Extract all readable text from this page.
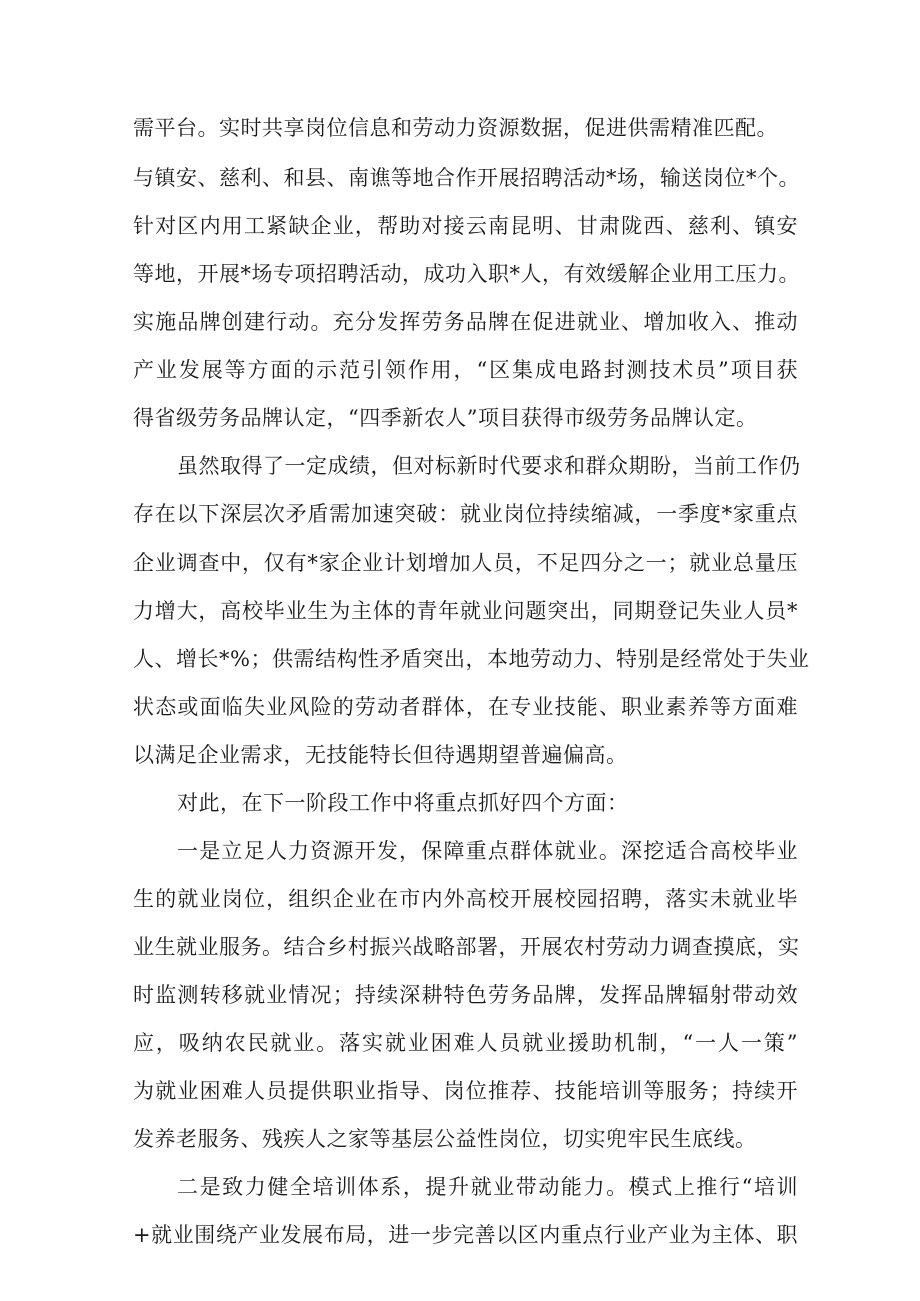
需平台。实时共享岗位信息和劳动力资源数据，促进供需精准匹配。
与镇安、慈利、和县、南谯等地合作开展招聘活动*场，输送岗位*个。
针对区内用工紧缺企业，帮助对接云南昆明、甘肃陇西、慈利、镇安
等地，开展*场专项招聘活动，成功入职*人，有效缓解企业用工压力。
实施品牌创建行动。充分发挥劳务品牌在促进就业、增加收入、推动
产业发展等方面的示范引领作用，“区集成电路封测技术员”项目获
得省级劳务品牌认定，“四季新农人”项目获得市级劳务品牌认定。
虽然取得了一定成绩，但对标新时代要求和群众期盼，当前工作仍
存在以下深层次矛盾需加速突破：就业岗位持续缩减，一季度*家重点
企业调查中，仅有*家企业计划增加人员，不足四分之一；就业总量压
力增大，高校毕业生为主体的青年就业问题突出，同期登记失业人员*
人、增长*%；供需结构性矛盾突出，本地劳动力、特别是经常处于失业
状态或面临失业风险的劳动者群体，在专业技能、职业素养等方面难
以满足企业需求，无技能特长但待遇期望普遍偏高。
对此，在下一阶段工作中将重点抓好四个方面：
一是立足人力资源开发，保障重点群体就业。深挖适合高校毕业
生的就业岗位，组织企业在市内外高校开展校园招聘，落实未就业毕
业生就业服务。结合乡村振兴战略部署，开展农村劳动力调查摸底，实
时监测转移就业情况；持续深耕特色劳务品牌，发挥品牌辐射带动效
应，吸纳农民就业。落实就业困难人员就业援助机制，“一人一策”
为就业困难人员提供职业指导、岗位推荐、技能培训等服务；持续开
发养老服务、残疾人之家等基层公益性岗位，切实兜牢民生底线。
二是致力健全培训体系，提升就业带动能力。模式上推行“培训
+就业围绕产业发展布局，进一步完善以区内重点行业产业为主体、职
